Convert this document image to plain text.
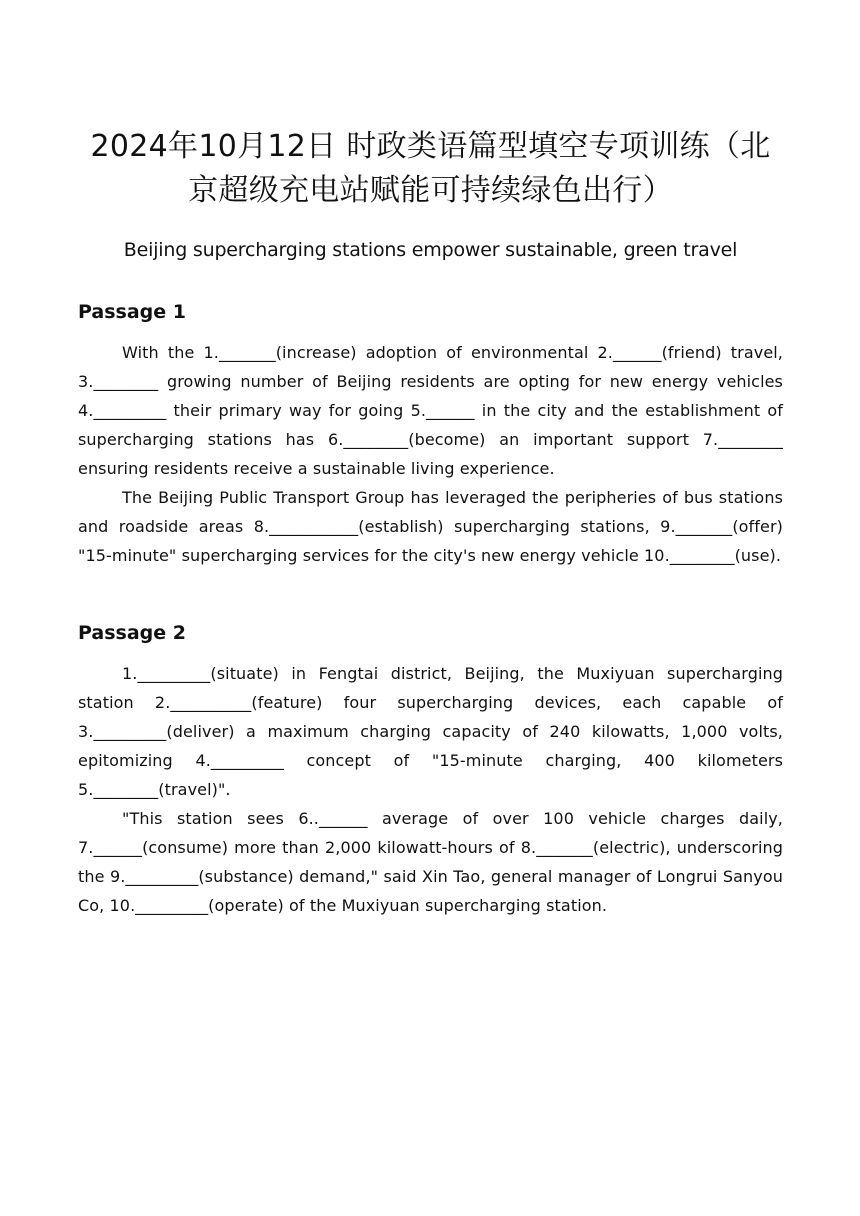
2024年10月12日 时政类语篇型填空专项训练（北京超级充电站赋能可持续绿色出行）
Beijing supercharging stations empower sustainable, green travel
Passage 1

With the 1._______(increase) adoption of environmental 2.______(friend) travel, 3.________ growing number of Beijing residents are opting for new energy vehicles 4._________ their primary way for going 5.______ in the city and the establishment of supercharging stations has 6.________(become) an important support 7.________ ensuring residents receive a sustainable living experience.

The Beijing Public Transport Group has leveraged the peripheries of bus stations and roadside areas 8.___________(establish) supercharging stations, 9._______(offer) "15-minute" supercharging services for the city's new energy vehicle 10.________(use).

Passage 2

1._________(situate) in Fengtai district, Beijing, the Muxiyuan supercharging station 2.__________(feature) four supercharging devices, each capable of 3._________(deliver) a maximum charging capacity of 240 kilowatts, 1,000 volts, epitomizing 4._________ concept of "15-minute charging, 400 kilometers 5.________(travel)".

"This station sees 6..______ average of over 100 vehicle charges daily, 7.______(consume) more than 2,000 kilowatt-hours of 8._______(electric), underscoring the 9._________(substance) demand," said Xin Tao, general manager of Longrui Sanyou Co, 10._________(operate) of the Muxiyuan supercharging station.
